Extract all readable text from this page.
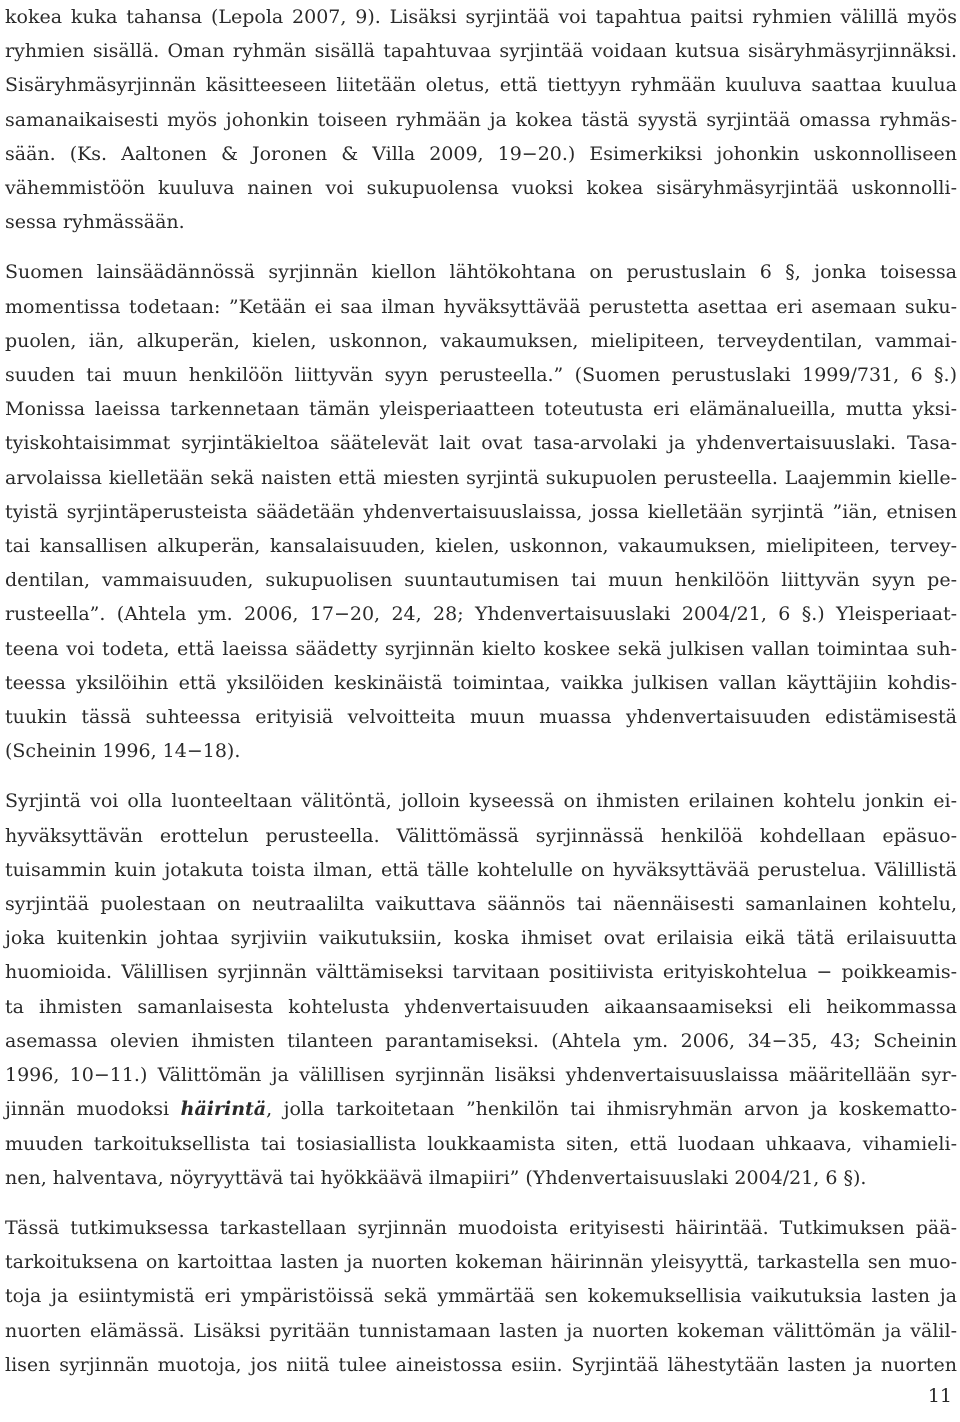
kokea kuka tahansa (Lepola 2007, 9). Lisäksi syrjintää voi tapahtua paitsi ryhmien välillä myös
ryhmien sisällä. Oman ryhmän sisällä tapahtuvaa syrjintää voidaan kutsua sisäryhmäsyrjinnäksi.
Sisäryhmäsyrjinnän käsitteeseen liitetään oletus, että tiettyyn ryhmään kuuluva saattaa kuulua
samanaikaisesti myös johonkin toiseen ryhmään ja kokea tästä syystä syrjintää omassa ryhmäs-
sään. (Ks. Aaltonen & Joronen & Villa 2009, 19−20.) Esimerkiksi johonkin uskonnolliseen
vähemmistöön kuuluva nainen voi sukupuolensa vuoksi kokea sisäryhmäsyrjintää uskonnolli-
sessa ryhmässään.

Suomen lainsäädännössä syrjinnän kiellon lähtökohtana on perustuslain 6 §, jonka toisessa
momentissa todetaan: ”Ketään ei saa ilman hyväksyttävää perustetta asettaa eri asemaan suku-
puolen, iän, alkuperän, kielen, uskonnon, vakaumuksen, mielipiteen, terveydentilan, vammai-
suuden tai muun henkilöön liittyvän syyn perusteella.” (Suomen perustuslaki 1999/731, 6 §.)
Monissa laeissa tarkennetaan tämän yleisperiaatteen toteutusta eri elämänalueilla, mutta yksi-
tyiskohtaisimmat syrjintäkieltoa säätelevät lait ovat tasa-arvolaki ja yhdenvertaisuuslaki. Tasa-
arvolaissa kielletään sekä naisten että miesten syrjintä sukupuolen perusteella. Laajemmin kielle-
tyistä syrjintäperusteista säädetään yhdenvertaisuuslaissa, jossa kielletään syrjintä ”iän, etnisen
tai kansallisen alkuperän, kansalaisuuden, kielen, uskonnon, vakaumuksen, mielipiteen, tervey-
dentilan, vammaisuuden, sukupuolisen suuntautumisen tai muun henkilöön liittyvän syyn pe-
rusteella”. (Ahtela ym. 2006, 17−20, 24, 28; Yhdenvertaisuuslaki 2004/21, 6 §.) Yleisperiaat-
teena voi todeta, että laeissa säädetty syrjinnän kielto koskee sekä julkisen vallan toimintaa suh-
teessa yksilöihin että yksilöiden keskinäistä toimintaa, vaikka julkisen vallan käyttäjiin kohdis-
tuukin tässä suhteessa erityisiä velvoitteita muun muassa yhdenvertaisuuden edistämisestä
(Scheinin 1996, 14−18).

Syrjintä voi olla luonteeltaan välitöntä, jolloin kyseessä on ihmisten erilainen kohtelu jonkin ei-
hyväksyttävän erottelun perusteella. Välittömässä syrjinnässä henkilöä kohdellaan epäsuo-
tuisammin kuin jotakuta toista ilman, että tälle kohtelulle on hyväksyttävää perustelua. Välillistä
syrjintää puolestaan on neutraalilta vaikuttava säännös tai näennäisesti samanlainen kohtelu,
joka kuitenkin johtaa syrjiviin vaikutuksiin, koska ihmiset ovat erilaisia eikä tätä erilaisuutta
huomioida. Välillisen syrjinnän välttämiseksi tarvitaan positiivista erityiskohtelua − poikkeamis-
ta ihmisten samanlaisesta kohtelusta yhdenvertaisuuden aikaansaamiseksi eli heikommassa
asemassa olevien ihmisten tilanteen parantamiseksi. (Ahtela ym. 2006, 34−35, 43; Scheinin
1996, 10−11.) Välittömän ja välillisen syrjinnän lisäksi yhdenvertaisuuslaissa määritellään syr-
jinnän muodoksi häirintä, jolla tarkoitetaan ”henkilön tai ihmisryhmän arvon ja koskematto-
muuden tarkoituksellista tai tosiasiallista loukkaamista siten, että luodaan uhkaava, vihamieli-
nen, halventava, nöyryyttävä tai hyökkäävä ilmapiiri” (Yhdenvertaisuuslaki 2004/21, 6 §).

Tässä tutkimuksessa tarkastellaan syrjinnän muodoista erityisesti häirintää. Tutkimuksen pää-
tarkoituksena on kartoittaa lasten ja nuorten kokeman häirinnän yleisyyttä, tarkastella sen muo-
toja ja esiintymistä eri ympäristöissä sekä ymmärtää sen kokemuksellisia vaikutuksia lasten ja
nuorten elämässä. Lisäksi pyritään tunnistamaan lasten ja nuorten kokeman välittömän ja välil-
lisen syrjinnän muotoja, jos niitä tulee aineistossa esiin. Syrjintää lähestytään lasten ja nuorten

11
